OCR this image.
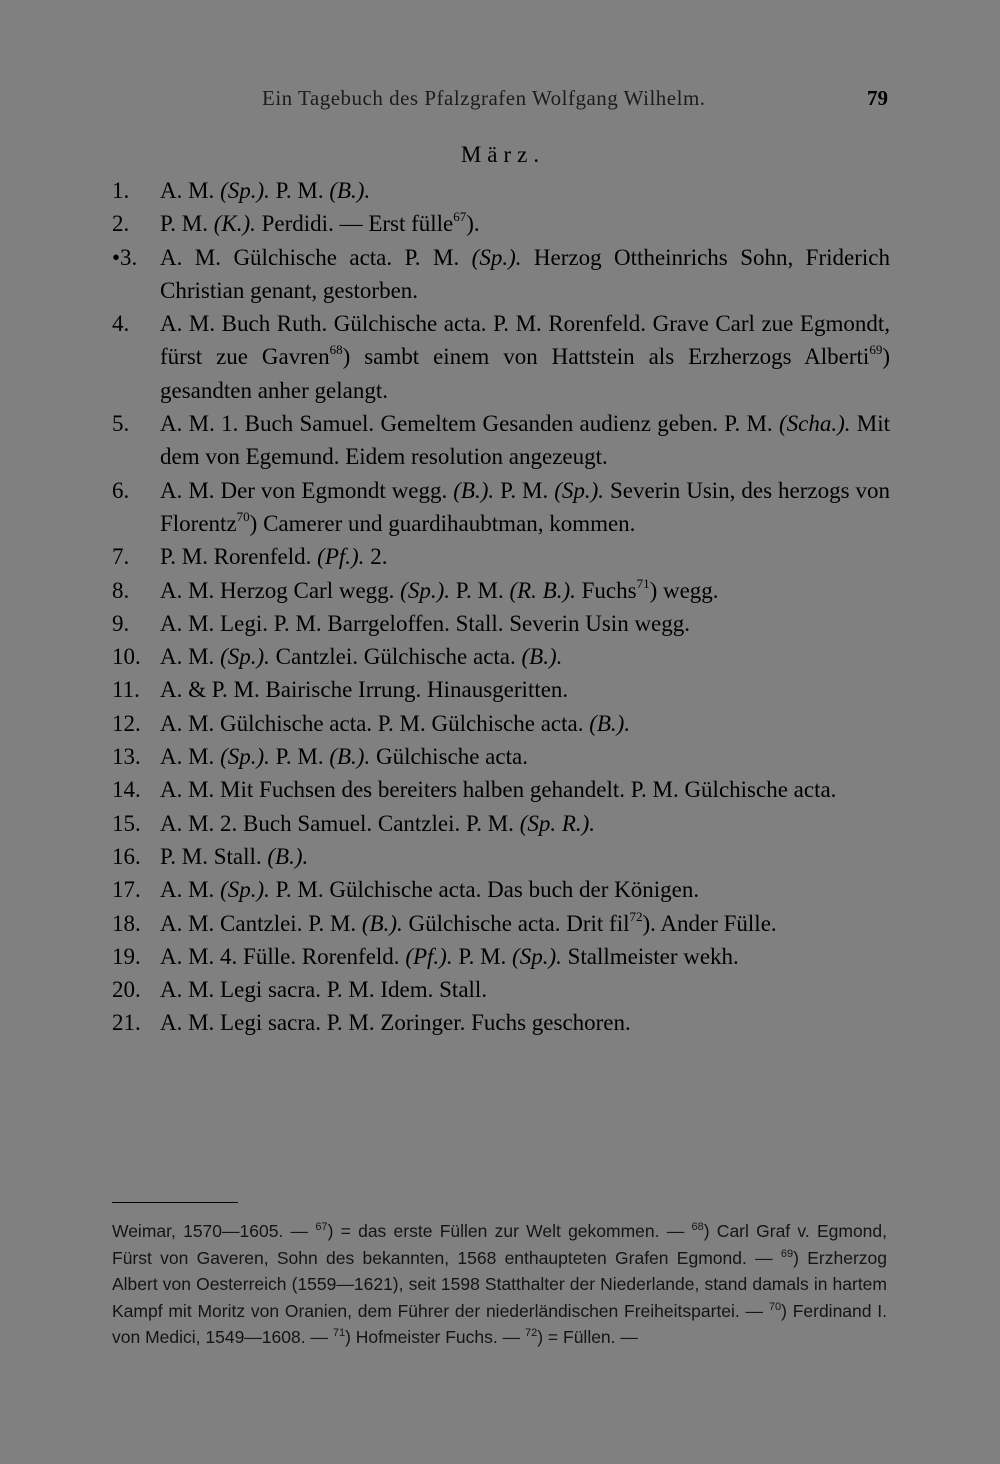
Ein Tagebuch des Pfalzgrafen Wolfgang Wilhelm.	79
März.
1.	A. M. (Sp.). P. M. (B.).
2.	P. M. (K.). Perdidi. — Erst fülle$^{67}$).
•3. A. M. Gülchische acta. P. M. (Sp.). Herzog Ottheinrichs Sohn, Friderich Christian genant, gestorben.
4.	A. M. Buch Ruth. Gülchische acta. P. M. Rorenfeld. Grave Carl zue Egmondt, fürst zue Gavren$^{68}$) sambt einem von Hattstein als Erzherzogs Alberti$^{69}$) gesandten anher gelangt.
5.	A. M. 1. Buch Samuel. Gemeltem Gesanden audienz geben. P. M. (Scha.). Mit dem von Egemund. Eidem resolution angezeugt.
6.	A. M. Der von Egmondt wegg. (B.). P. M. (Sp.). Severin Usin, des herzogs von Florentz$^{70}$) Camerer und guardihaubtman, kommen.
7.	P. M. Rorenfeld. (Pf.). 2.
8.	A. M. Herzog Carl wegg. (Sp.). P. M. (R. B.). Fuchs$^{71}$) wegg.
9.	A. M. Legi. P. M. Barrgeloffen. Stall. Severin Usin wegg.
10. A. M. (Sp.). Cantzlei. Gülchische acta. (B.).
11. A. & P. M. Bairische Irrung. Hinausgeritten.
12. A. M. Gülchische acta. P. M. Gülchische acta. (B.).
13. A. M. (Sp.). P. M. (B.). Gülchische acta.
14. A. M. Mit Fuchsen des bereiters halben gehandelt. P. M. Gülchische acta.
15. A. M. 2. Buch Samuel. Cantzlei. P. M. (Sp. R.).
16. P. M. Stall. (B.).
17. A. M. (Sp.). P. M. Gülchische acta. Das buch der Königen.
18. A. M. Cantzlei. P. M. (B.). Gülchische acta. Drit fil$^{72}$). Ander Fülle.
19. A. M. 4. Fülle. Rorenfeld. (Pf.). P. M. (Sp.). Stallmeister wekh.
20. A. M. Legi sacra. P. M. Idem. Stall.
21. A. M. Legi sacra. P. M. Zoringer. Fuchs geschoren.
Weimar, 1570—1605. — $^{67}$) = das erste Füllen zur Welt gekommen. — $^{68}$) Carl Graf v. Egmond, Fürst von Gaveren, Sohn des bekannten, 1568 enthaupteten Grafen Egmond. — $^{69}$) Erzherzog Albert von Oesterreich (1559—1621), seit 1598 Statthalter der Niederlande, stand damals in hartem Kampf mit Moritz von Oranien, dem Führer der niederländischen Freiheitspartei. — $^{70}$) Ferdinand I. von Medici, 1549—1608. — $^{71}$) Hofmeister Fuchs. — $^{72}$) = Füllen. —
